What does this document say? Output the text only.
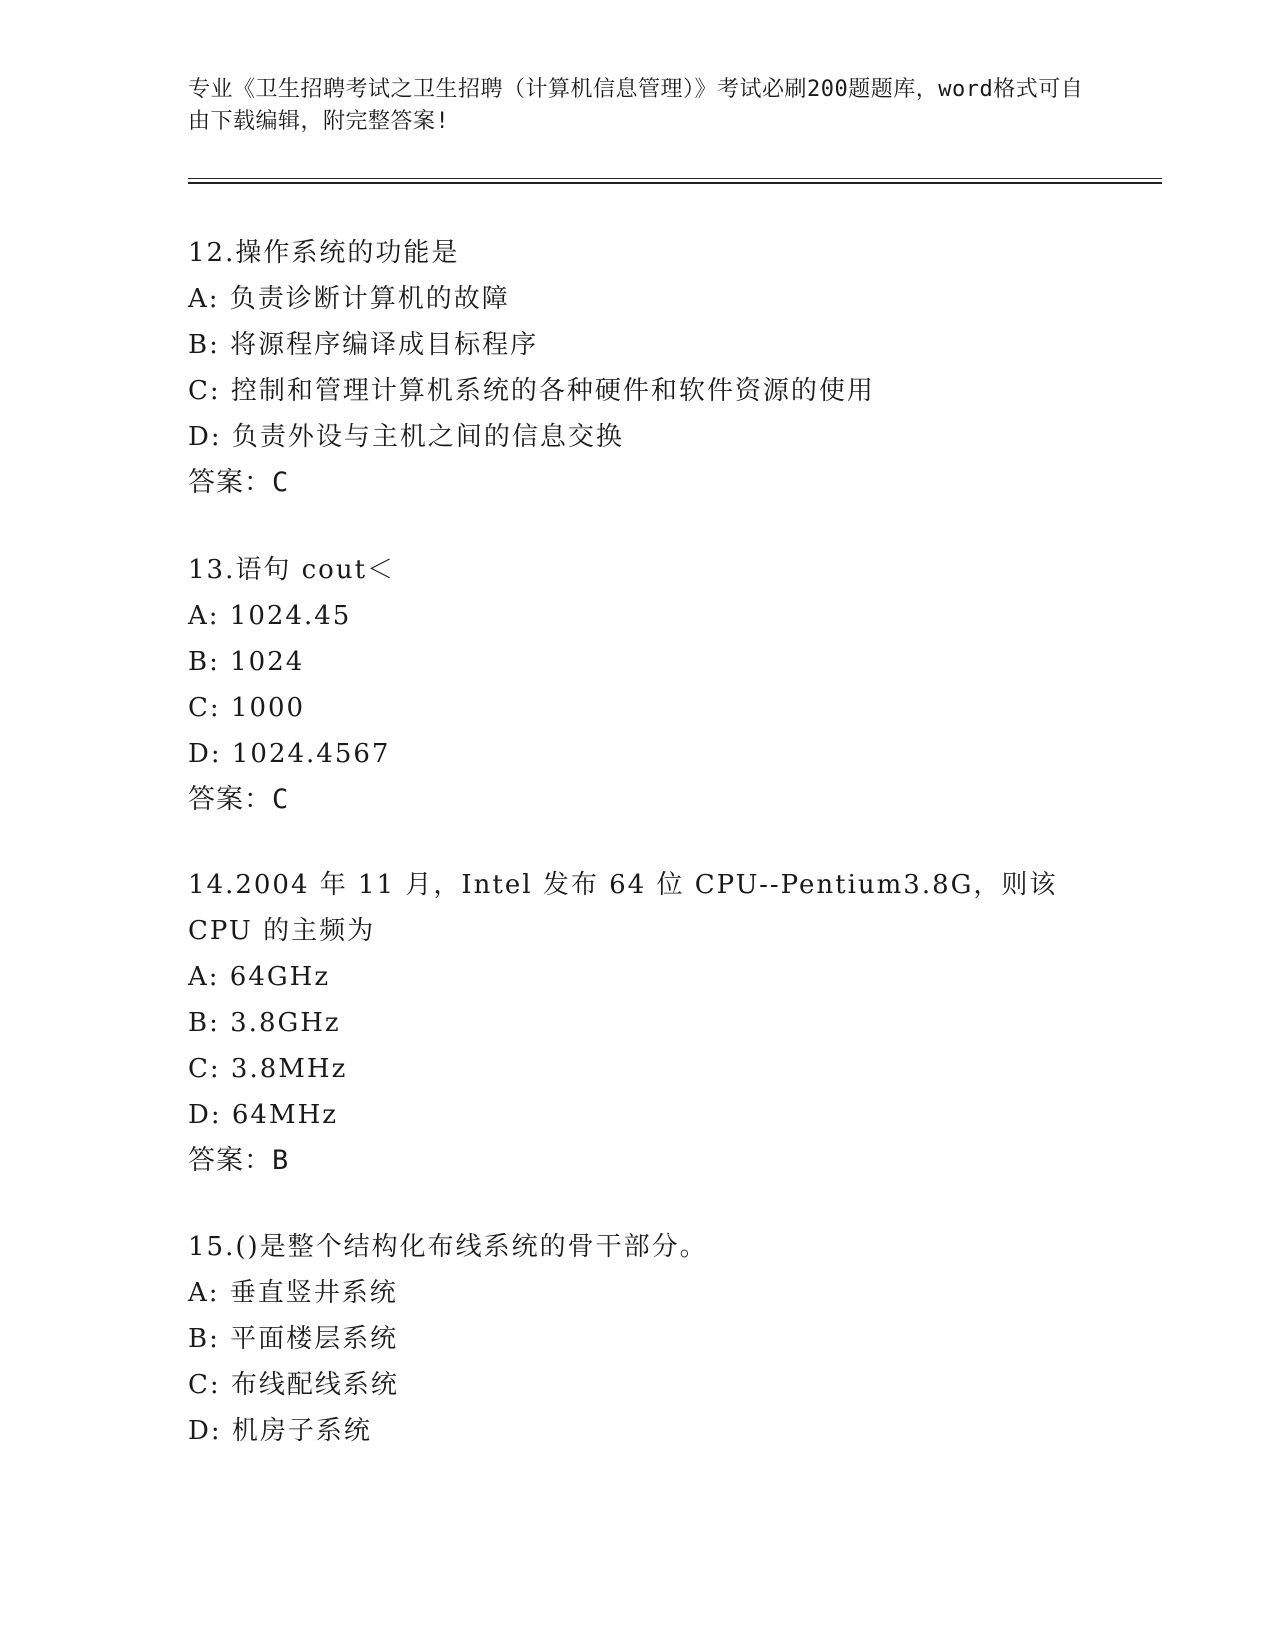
专业《卫生招聘考试之卫生招聘（计算机信息管理）》考试必刷200题题库，word格式可自由下载编辑，附完整答案!
12.操作系统的功能是
A: 负责诊断计算机的故障
B: 将源程序编译成目标程序
C: 控制和管理计算机系统的各种硬件和软件资源的使用
D: 负责外设与主机之间的信息交换
答案：C
13.语句 cout＜
A: 1024.45
B: 1024
C: 1000
D: 1024.4567
答案：C
14.2004 年 11 月，Intel 发布 64 位 CPU--Pentium3.8G，则该 CPU 的主频为
A: 64GHz
B: 3.8GHz
C: 3.8MHz
D: 64MHz
答案：B
15.()是整个结构化布线系统的骨干部分。
A: 垂直竖井系统
B: 平面楼层系统
C: 布线配线系统
D: 机房子系统
